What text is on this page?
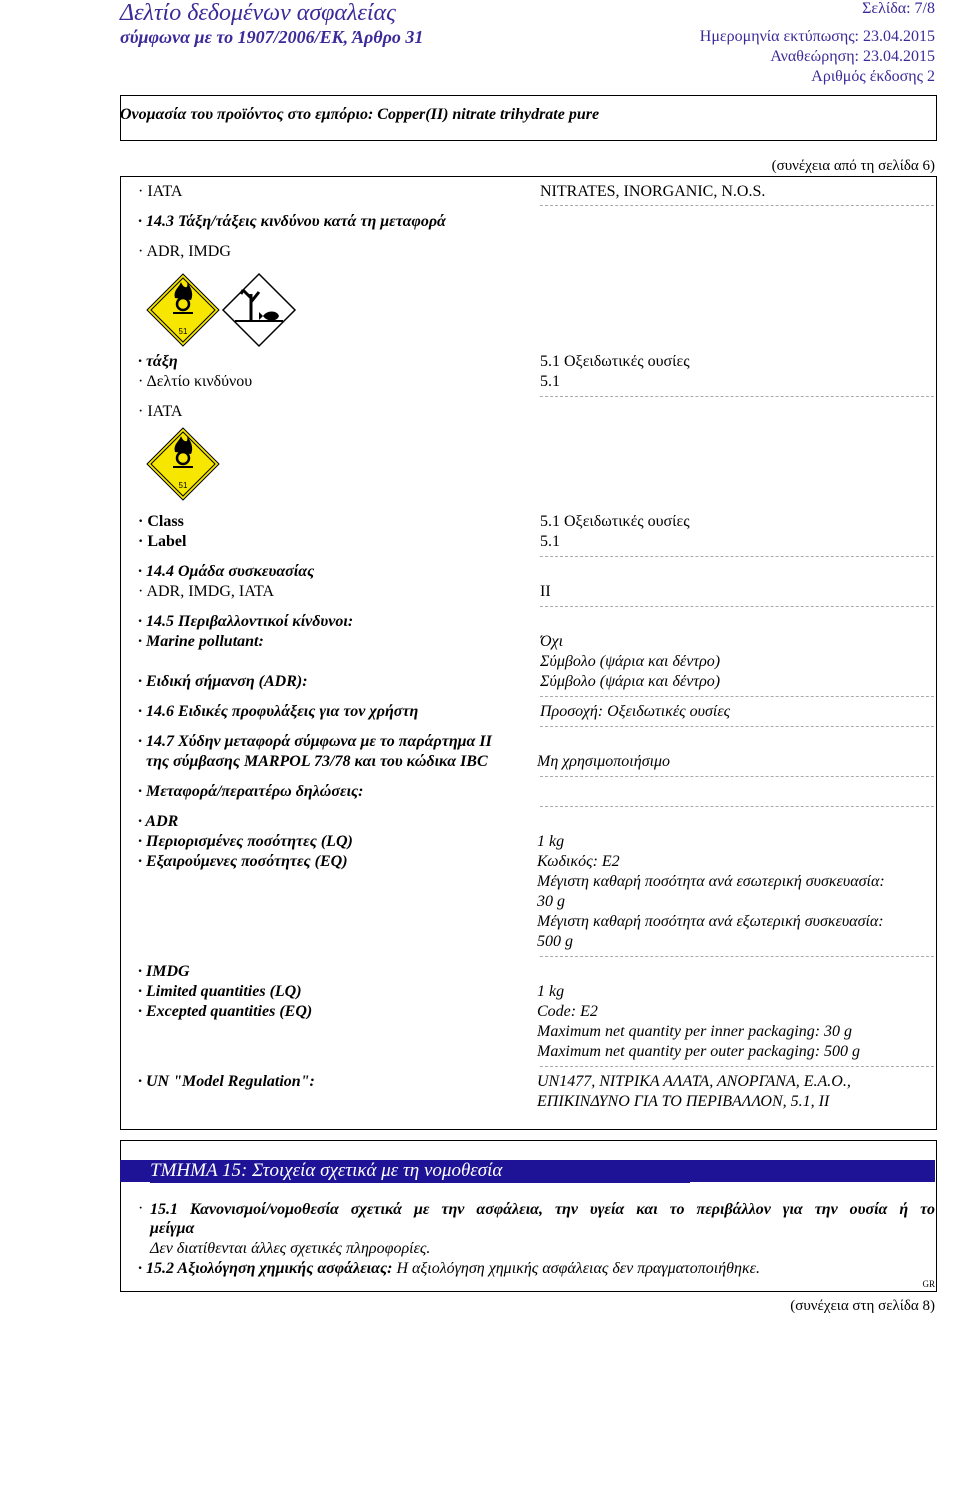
Δελτίο δεδομένων ασφαλείας
σύμφωνα με το 1907/2006/ΕΚ, Άρθρο 31
Σελίδα: 7/8
Ημερομηνία εκτύπωσης: 23.04.2015
Αναθεώρηση: 23.04.2015
Αριθμός έκδοσης 2
Ονομασία του προϊόντος στο εμπόριο: Copper(II) nitrate trihydrate pure
(συνέχεια από τη σελίδα 6)
· IATA	NITRATES, INORGANIC, N.O.S.
· 14.3 Τάξη/τάξεις κινδύνου κατά τη μεταφορά
· ADR, IMDG
51
· τάξη	5.1 Οξειδωτικές ουσίες
· Δελτίο κινδύνου	5.1
· IATA
51
· Class	5.1 Οξειδωτικές ουσίες
· Label	5.1
· 14.4 Ομάδα συσκευασίας
· ADR, IMDG, IATA	II
· 14.5 Περιβαλλοντικοί κίνδυνοι:
· Marine pollutant:	Όχι
Σύμβολο (ψάρια και δέντρο)
· Ειδική σήμανση (ADR):	Σύμβολο (ψάρια και δέντρο)
· 14.6 Ειδικές προφυλάξεις για τον χρήστη	Προσοχή: Οξειδωτικές ουσίες
· 14.7 Χύδην μεταφορά σύμφωνα με το παράρτημα II
της σύμβασης MARPOL 73/78 και του κώδικα IBC	Μη χρησιμοποιήσιμο
· Μεταφορά/περαιτέρω δηλώσεις:
· ADR
· Περιορισμένες ποσότητες (LQ)	1 kg
· Εξαιρούμενες ποσότητες (EQ)	Κωδικός: E2
Μέγιστη καθαρή ποσότητα ανά εσωτερική συσκευασία:
30 g
Μέγιστη καθαρή ποσότητα ανά εξωτερική συσκευασία:
500 g
· IMDG
· Limited quantities (LQ)	1 kg
· Excepted quantities (EQ)	Code: E2
Maximum net quantity per inner packaging: 30 g
Maximum net quantity per outer packaging: 500 g
· UN "Model Regulation":	UN1477, ΝΙΤΡΙΚΑ ΑΛΑΤΑ, ΑΝΟΡΓΑΝΑ, Ε.Α.Ο.,
ΕΠΙΚΙΝΔΥΝΟ ΓΙΑ ΤΟ ΠΕΡΙΒΑΛΛΟΝ, 5.1, II
ΤΜΗΜΑ 15: Στοιχεία σχετικά με τη νομοθεσία
· 15.1 Κανονισμοί/νομοθεσία σχετικά με την ασφάλεια, την υγεία και το περιβάλλον για την ουσία ή το
μείγμα
Δεν διατίθενται άλλες σχετικές πληροφορίες.
· 15.2 Αξιολόγηση χημικής ασφάλειας: Η αξιολόγηση χημικής ασφάλειας δεν πραγματοποιήθηκε.
GR
(συνέχεια στη σελίδα 8)
